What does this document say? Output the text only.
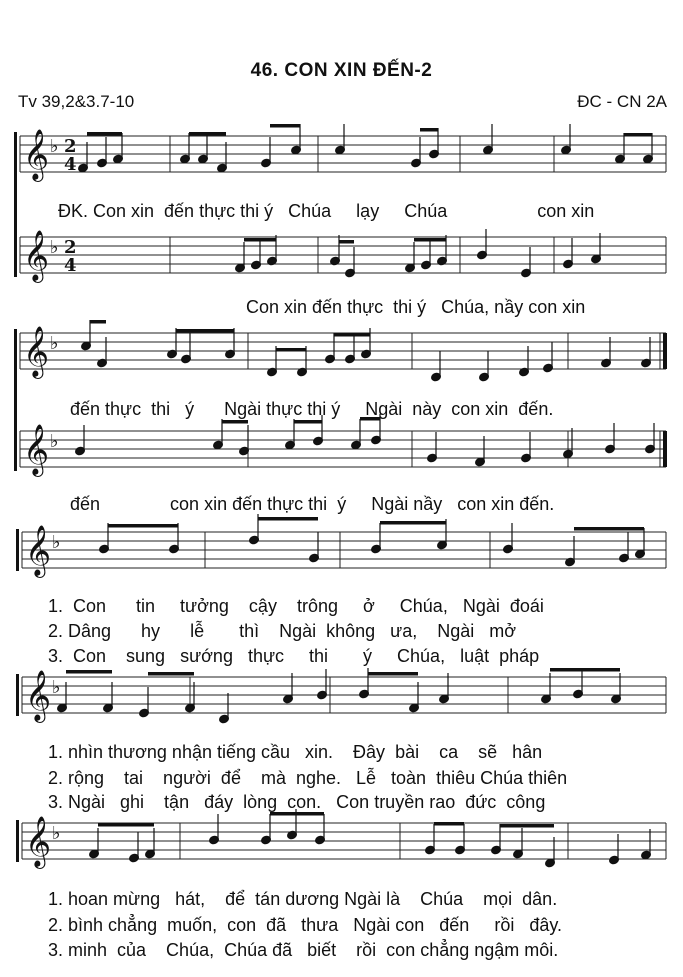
46. CON XIN ĐẾN-2
Tv 39,2&3.7-10	ĐC - CN 2A
𝄞 ♭ 2
4
𝄞 ♭ 2
4
𝄞 ♭
𝄞 ♭
𝄞 ♭
𝄞 ♭
𝄞 ♭
ĐK. Con xin  đến thực thi ý   Chúa     lạy     Chúa                  con xin
Con xin đến thực  thi ý   Chúa, nầy con xin
đến thực  thi   ý      Ngài thực thi ý     Ngài  này  con xin  đến.
đến              con xin đến thực thi  ý     Ngài nầy   con xin đến.
1.  Con      tin     tưởng    cậy    trông     ở     Chúa,   Ngài  đoái
2. Dâng      hy      lễ       thì    Ngài  không   ưa,    Ngài   mở
3.  Con    sung   sướng   thực     thi       ý     Chúa,   luật  pháp
1. nhìn thương nhận tiếng cầu   xin.    Đây  bài    ca    sẽ   hân
2. rộng    tai    người  để    mà  nghe.   Lễ   toàn  thiêu Chúa thiên
3. Ngài   ghi    tận   đáy  lòng  con.   Con truyền rao  đức  công
1. hoan mừng   hát,    để  tán dương Ngài là    Chúa    mọi  dân.
2. bình chẳng  muốn,  con  đã   thưa   Ngài con   đến     rồi   đây.
3. minh  của    Chúa,  Chúa đã   biết    rồi  con chẳng ngậm môi.
